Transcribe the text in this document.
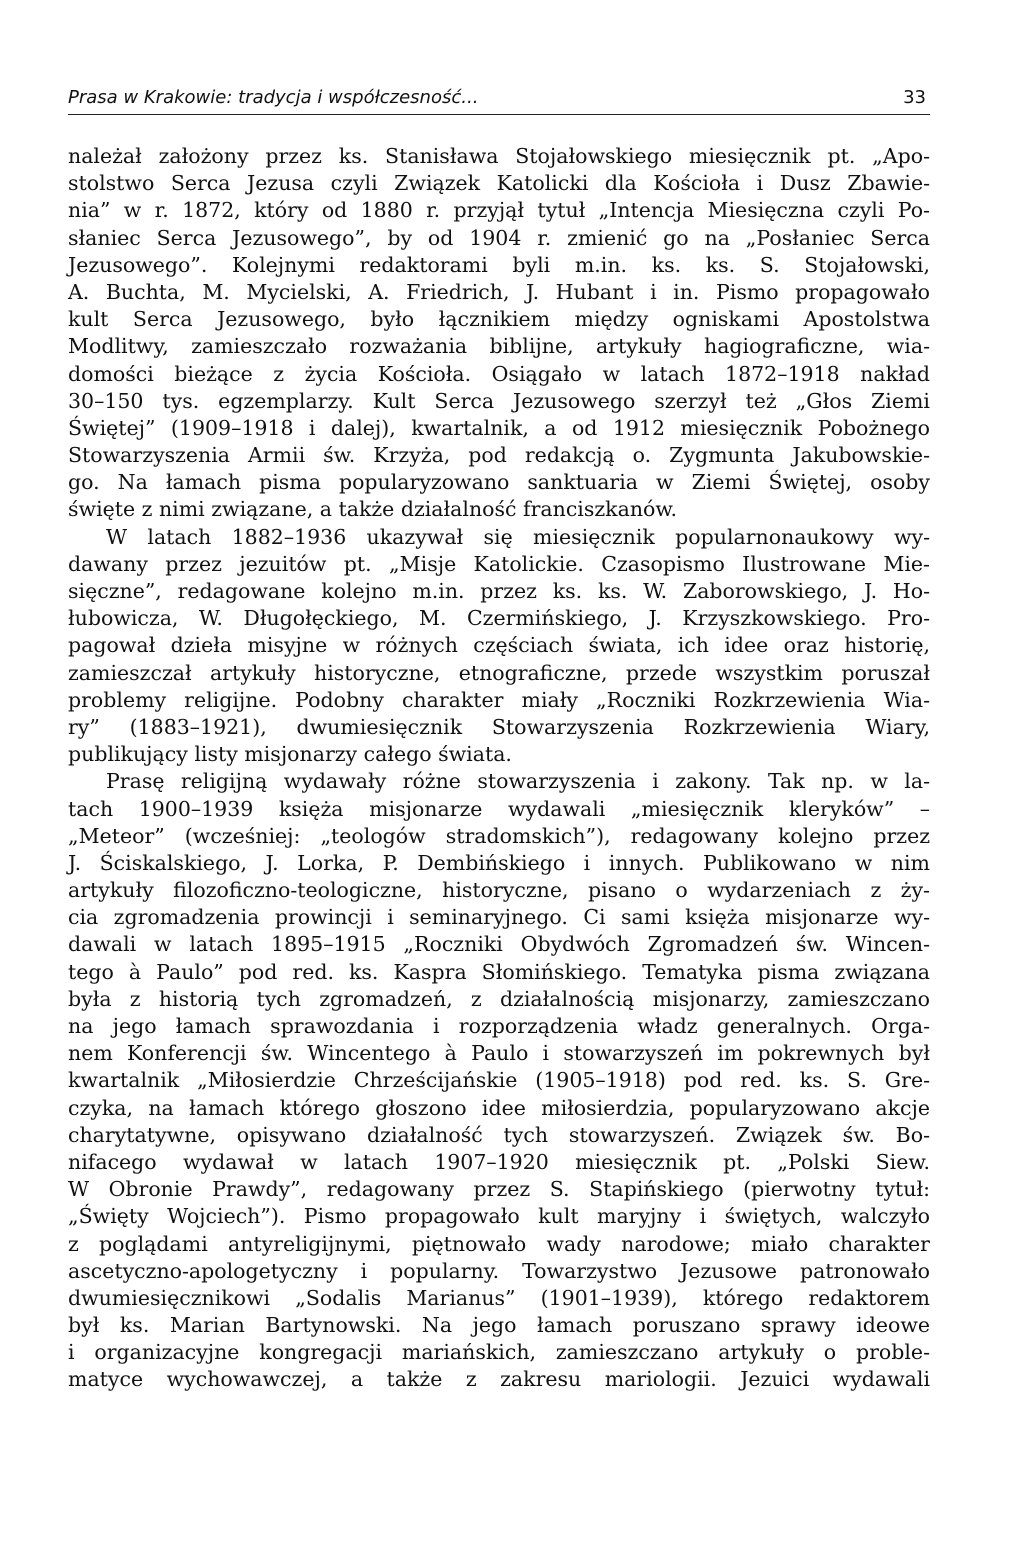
Prasa w Krakowie: tradycja i współczesność...	33
należał założony przez ks. Stanisława Stojałowskiego miesięcznik pt. „Apo-
stolstwo Serca Jezusa czyli Związek Katolicki dla Kościoła i Dusz Zbawie-
nia” w r. 1872, który od 1880 r. przyjął tytuł „Intencja Miesięczna czyli Po-
słaniec Serca Jezusowego”, by od 1904 r. zmienić go na „Posłaniec Serca
Jezusowego”. Kolejnymi redaktorami byli m.in. ks. ks. S. Stojałowski,
A. Buchta, M. Mycielski, A. Friedrich, J. Hubant i in. Pismo propagowało
kult Serca Jezusowego, było łącznikiem między ogniskami Apostolstwa
Modlitwy, zamieszczało rozważania biblijne, artykuły hagiograficzne, wia-
domości bieżące z życia Kościoła. Osiągało w latach 1872–1918 nakład
30–150 tys. egzemplarzy. Kult Serca Jezusowego szerzył też „Głos Ziemi
Świętej” (1909–1918 i dalej), kwartalnik, a od 1912 miesięcznik Pobożnego
Stowarzyszenia Armii św. Krzyża, pod redakcją o. Zygmunta Jakubowskie-
go. Na łamach pisma popularyzowano sanktuaria w Ziemi Świętej, osoby
święte z nimi związane, a także działalność franciszkanów.
W latach 1882–1936 ukazywał się miesięcznik popularnonaukowy wy-
dawany przez jezuitów pt. „Misje Katolickie. Czasopismo Ilustrowane Mie-
sięczne”, redagowane kolejno m.in. przez ks. ks. W. Zaborowskiego, J. Ho-
łubowicza, W. Długołęckiego, M. Czermińskiego, J. Krzyszkowskiego. Pro-
pagował dzieła misyjne w różnych częściach świata, ich idee oraz historię,
zamieszczał artykuły historyczne, etnograficzne, przede wszystkim poruszał
problemy religijne. Podobny charakter miały „Roczniki Rozkrzewienia Wia-
ry” (1883–1921), dwumiesięcznik Stowarzyszenia Rozkrzewienia Wiary,
publikujący listy misjonarzy całego świata.
Prasę religijną wydawały różne stowarzyszenia i zakony. Tak np. w la-
tach 1900–1939 księża misjonarze wydawali „miesięcznik kleryków” –
„Meteor” (wcześniej: „teologów stradomskich”), redagowany kolejno przez
J. Ściskalskiego, J. Lorka, P. Dembińskiego i innych. Publikowano w nim
artykuły filozoficzno-teologiczne, historyczne, pisano o wydarzeniach z ży-
cia zgromadzenia prowincji i seminaryjnego. Ci sami księża misjonarze wy-
dawali w latach 1895–1915 „Roczniki Obydwóch Zgromadzeń św. Wincen-
tego à Paulo” pod red. ks. Kaspra Słomińskiego. Tematyka pisma związana
była z historią tych zgromadzeń, z działalnością misjonarzy, zamieszczano
na jego łamach sprawozdania i rozporządzenia władz generalnych. Orga-
nem Konferencji św. Wincentego à Paulo i stowarzyszeń im pokrewnych był
kwartalnik „Miłosierdzie Chrześcijańskie (1905–1918) pod red. ks. S. Gre-
czyka, na łamach którego głoszono idee miłosierdzia, popularyzowano akcje
charytatywne, opisywano działalność tych stowarzyszeń. Związek św. Bo-
nifacego wydawał w latach 1907–1920 miesięcznik pt. „Polski Siew.
W Obronie Prawdy”, redagowany przez S. Stapińskiego (pierwotny tytuł:
„Święty Wojciech”). Pismo propagowało kult maryjny i świętych, walczyło
z poglądami antyreligijnymi, piętnowało wady narodowe; miało charakter
ascetyczno-apologetyczny i popularny. Towarzystwo Jezusowe patronowało
dwumiesięcznikowi „Sodalis Marianus” (1901–1939), którego redaktorem
był ks. Marian Bartynowski. Na jego łamach poruszano sprawy ideowe
i organizacyjne kongregacji mariańskich, zamieszczano artykuły o proble-
matyce wychowawczej, a także z zakresu mariologii. Jezuici wydawali
